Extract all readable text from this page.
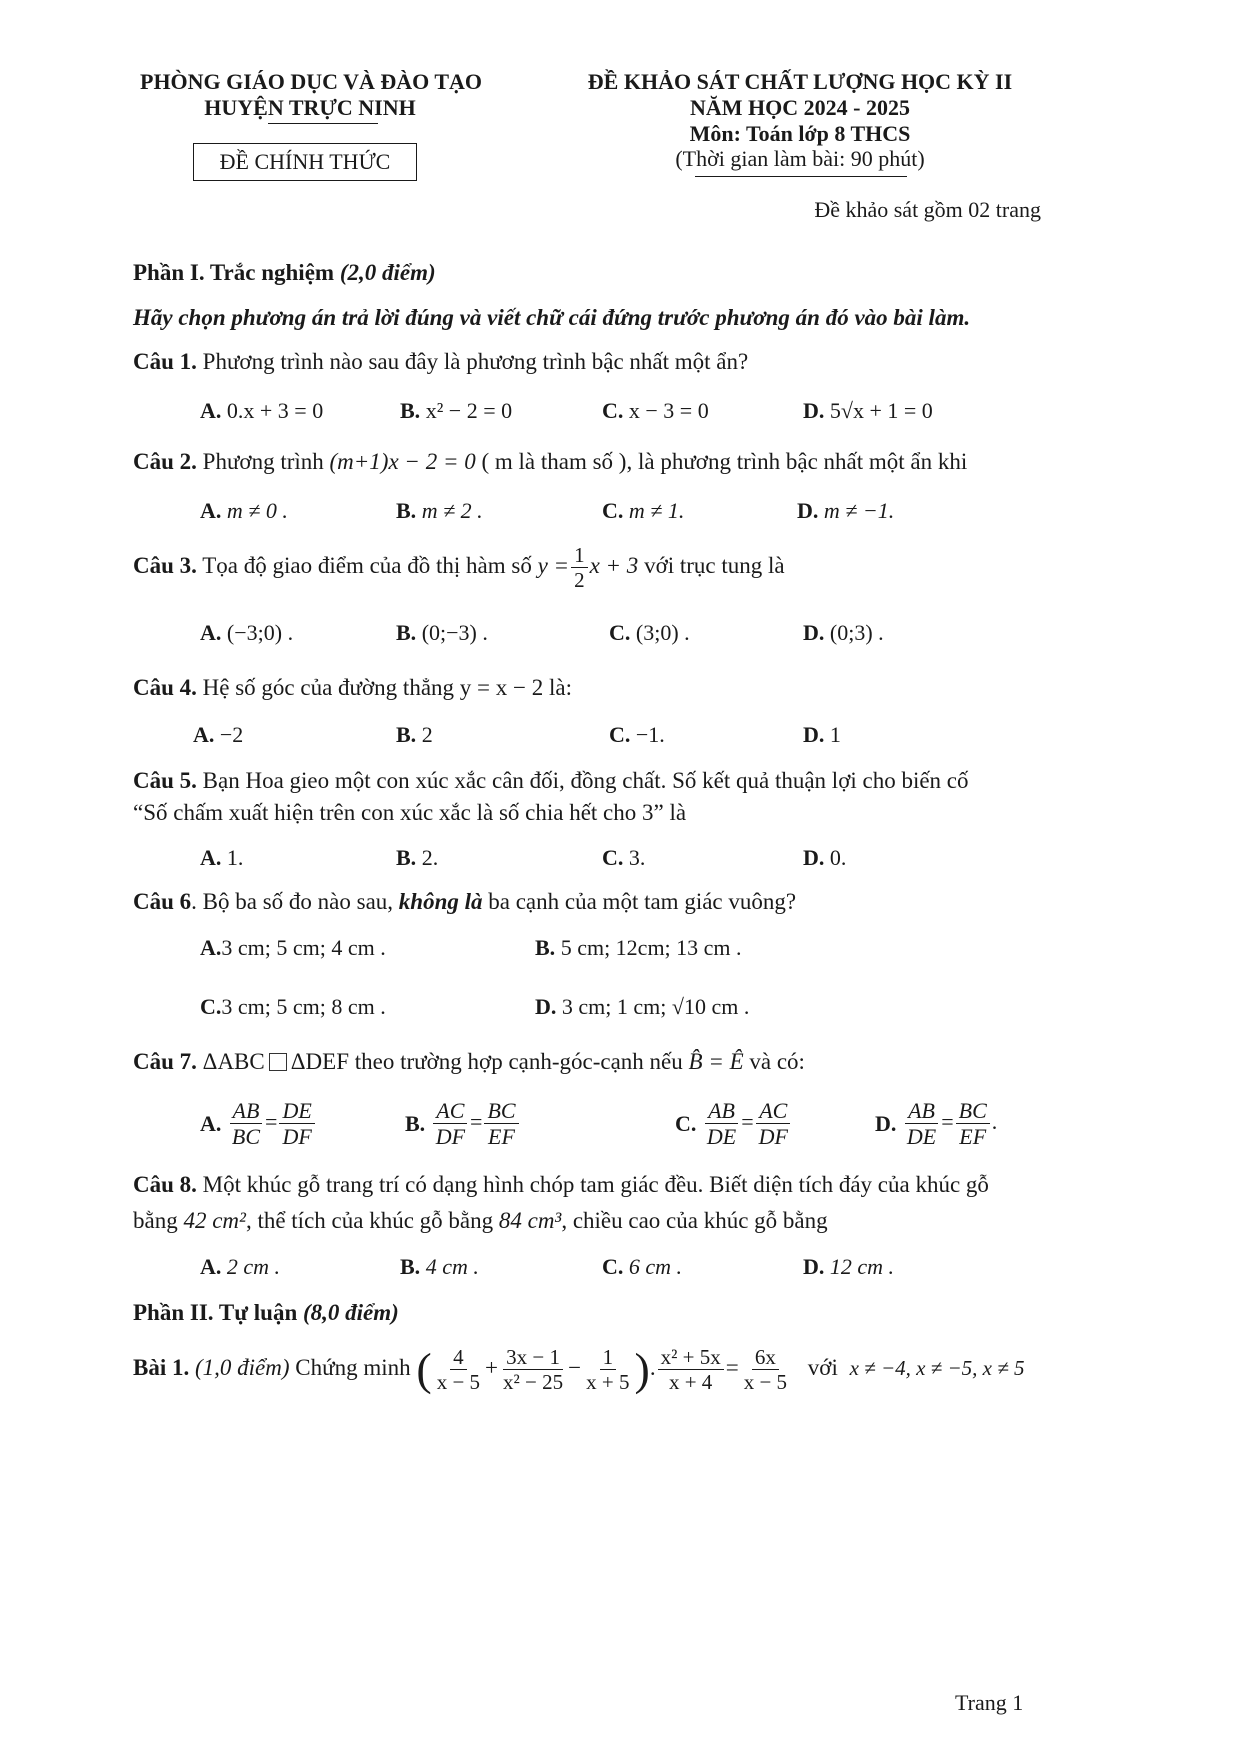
PHÒNG GIÁO DỤC VÀ ĐÀO TẠO
HUYỆN TRỰC NINH
ĐỀ CHÍNH THỨC
ĐỀ KHẢO SÁT CHẤT LƯỢNG HỌC KỲ II
NĂM HỌC 2024 - 2025
Môn: Toán lớp 8 THCS
(Thời gian làm bài: 90 phút)
Đề khảo sát gồm 02 trang
Phần I. Trắc nghiệm (2,0 điểm)
Hãy chọn phương án trả lời đúng và viết chữ cái đứng trước phương án đó vào bài làm.
Câu 1. Phương trình nào sau đây là phương trình bậc nhất một ẩn?
A. 0.x + 3 = 0	B. x² − 2 = 0	C. x − 3 = 0	D. 5√x + 1 = 0
Câu 2. Phương trình (m+1)x − 2 = 0 ( m là tham số ), là phương trình bậc nhất một ẩn khi
A. m ≠ 0 .	B. m ≠ 2 .	C. m ≠ 1.	D. m ≠ −1.
Câu 3. Tọa độ giao điểm của đồ thị hàm số $y = \frac{1}{2}$ x + 3 với trục tung là
A. (−3;0) .	B. (0;−3) .	C. (3;0) .	D. (0;3) .
Câu 4. Hệ số góc của đường thẳng y = x − 2 là:
A. −2	B. 2	C. −1.	D. 1
Câu 5. Bạn Hoa gieo một con xúc xắc cân đối, đồng chất. Số kết quả thuận lợi cho biến cố
“Số chấm xuất hiện trên con xúc xắc là số chia hết cho 3” là
A. 1.	B. 2.	C. 3.	D. 0.
Câu 6. Bộ ba số đo nào sau, không là ba cạnh của một tam giác vuông?
A.3 cm; 5 cm; 4 cm .	B. 5 cm; 12cm; 13 cm .
C.3 cm; 5 cm; 8 cm .	D. 3 cm; 1 cm; √10 cm .
Câu 7. ΔABC ΔDEF theo trường hợp cạnh-góc-cạnh nếu B̂ = Ê và có:
A. $\frac{AB}{BC} = \frac{DE}{DF}$	B. $\frac{AC}{DF} = \frac{BC}{EF}$	C. $\frac{AB}{DE} = \frac{AC}{DF}$	D. $\frac{AB}{DE} = \frac{BC}{EF}$ .
Câu 8. Một khúc gỗ trang trí có dạng hình chóp tam giác đều. Biết diện tích đáy của khúc gỗ
bằng 42 cm², thể tích của khúc gỗ bằng 84 cm³, chiều cao của khúc gỗ bằng
A. 2 cm .	B. 4 cm .	C. 6 cm .	D. 12 cm .
Phần II. Tự luận (8,0 điểm)
Bài 1. (1,0 điểm) Chứng minh ( $\frac{4}{x - 5} + \frac{3x - 1}{\text{x² − 25}} - \frac{1}{x + 5}$ ). $\frac{\text{x² + 5x}}{x + 4} = \frac{6x}{x - 5}$ với x ≠ −4, x ≠ −5, x ≠ 5
Trang 1
